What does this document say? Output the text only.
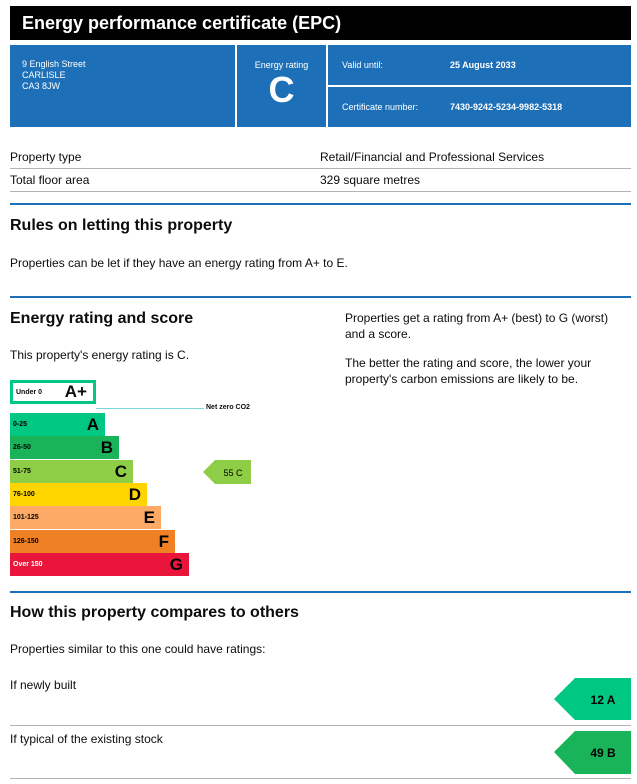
Energy performance certificate (EPC)
9 English Street
CARLISLE
CA3 8JW
Energy rating
C
Valid until:	25 August 2033
Certificate number:	7430-9242-5234-9982-5318
Property type	Retail/Financial and Professional Services
Total floor area	329 square metres
Rules on letting this property
Properties can be let if they have an energy rating from A+ to E.
Energy rating and score
This property's energy rating is C.
Properties get a rating from A+ (best) to G (worst) and a score.
The better the rating and score, the lower your property's carbon emissions are likely to be.
Under 0 A+
Net zero CO2
0-25	A
26-50	B
51-75	C
76-100	D
101-125	E
126-150	F
Over 150	G
55 C
How this property compares to others
Properties similar to this one could have ratings:
If newly built
12 A
If typical of the existing stock
49 B
